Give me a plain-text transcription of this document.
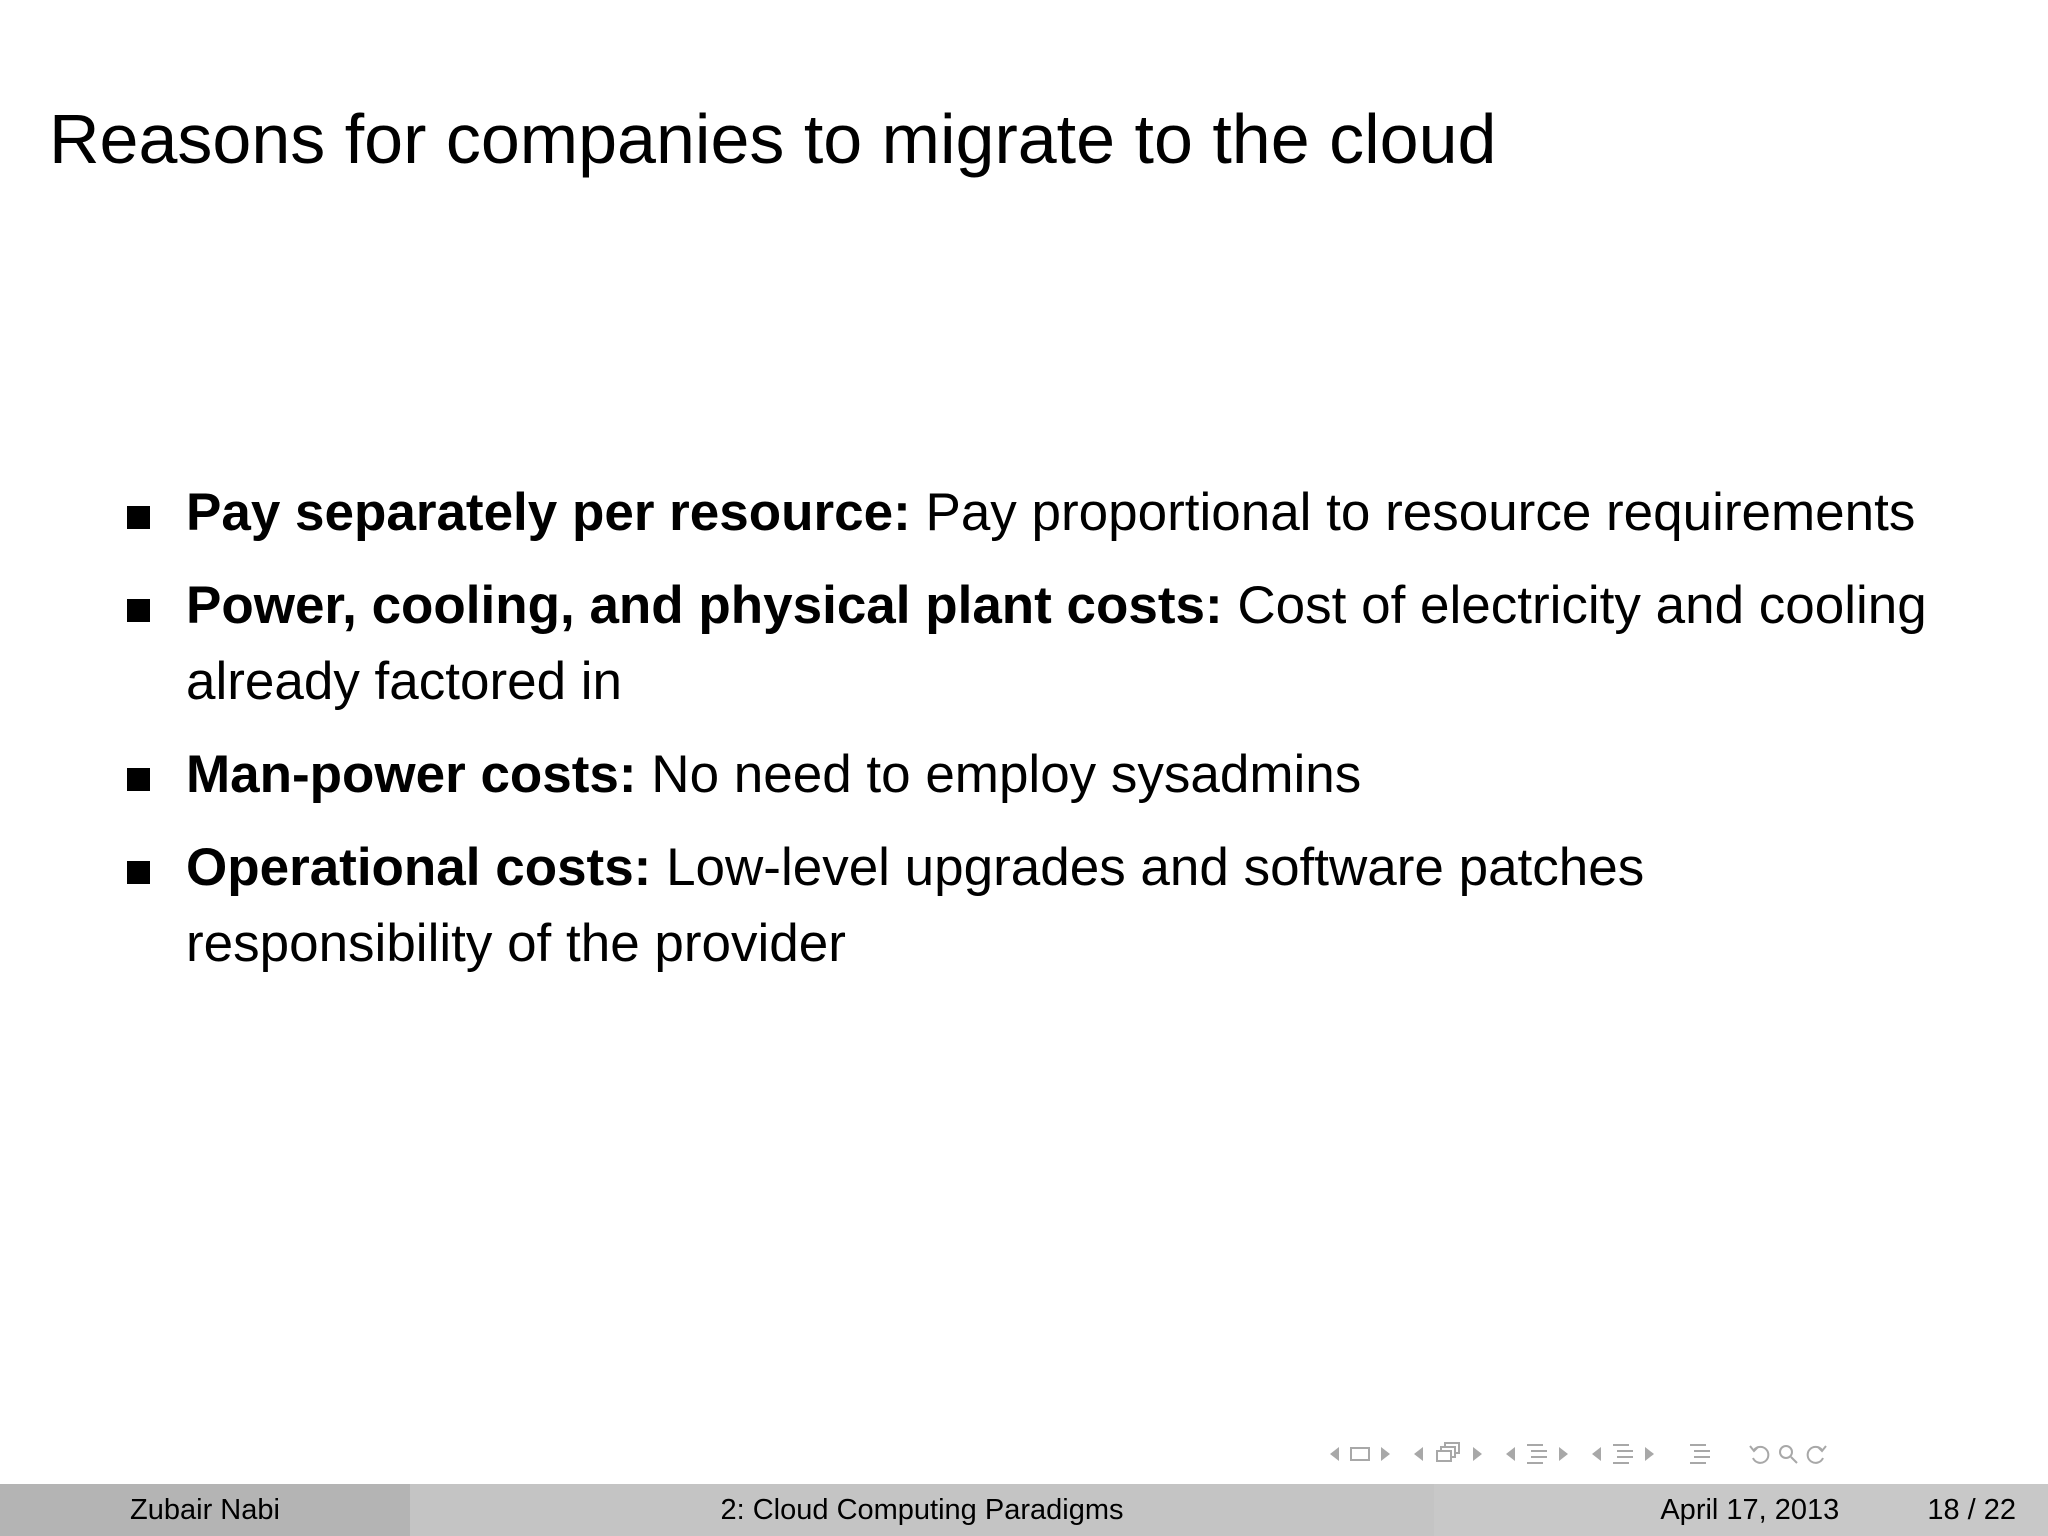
Reasons for companies to migrate to the cloud
Pay separately per resource: Pay proportional to resource requirements
Power, cooling, and physical plant costs: Cost of electricity and cooling already factored in
Man-power costs: No need to employ sysadmins
Operational costs: Low-level upgrades and software patches responsibility of the provider
Zubair Nabi	2: Cloud Computing Paradigms	April 17, 2013	18 / 22
